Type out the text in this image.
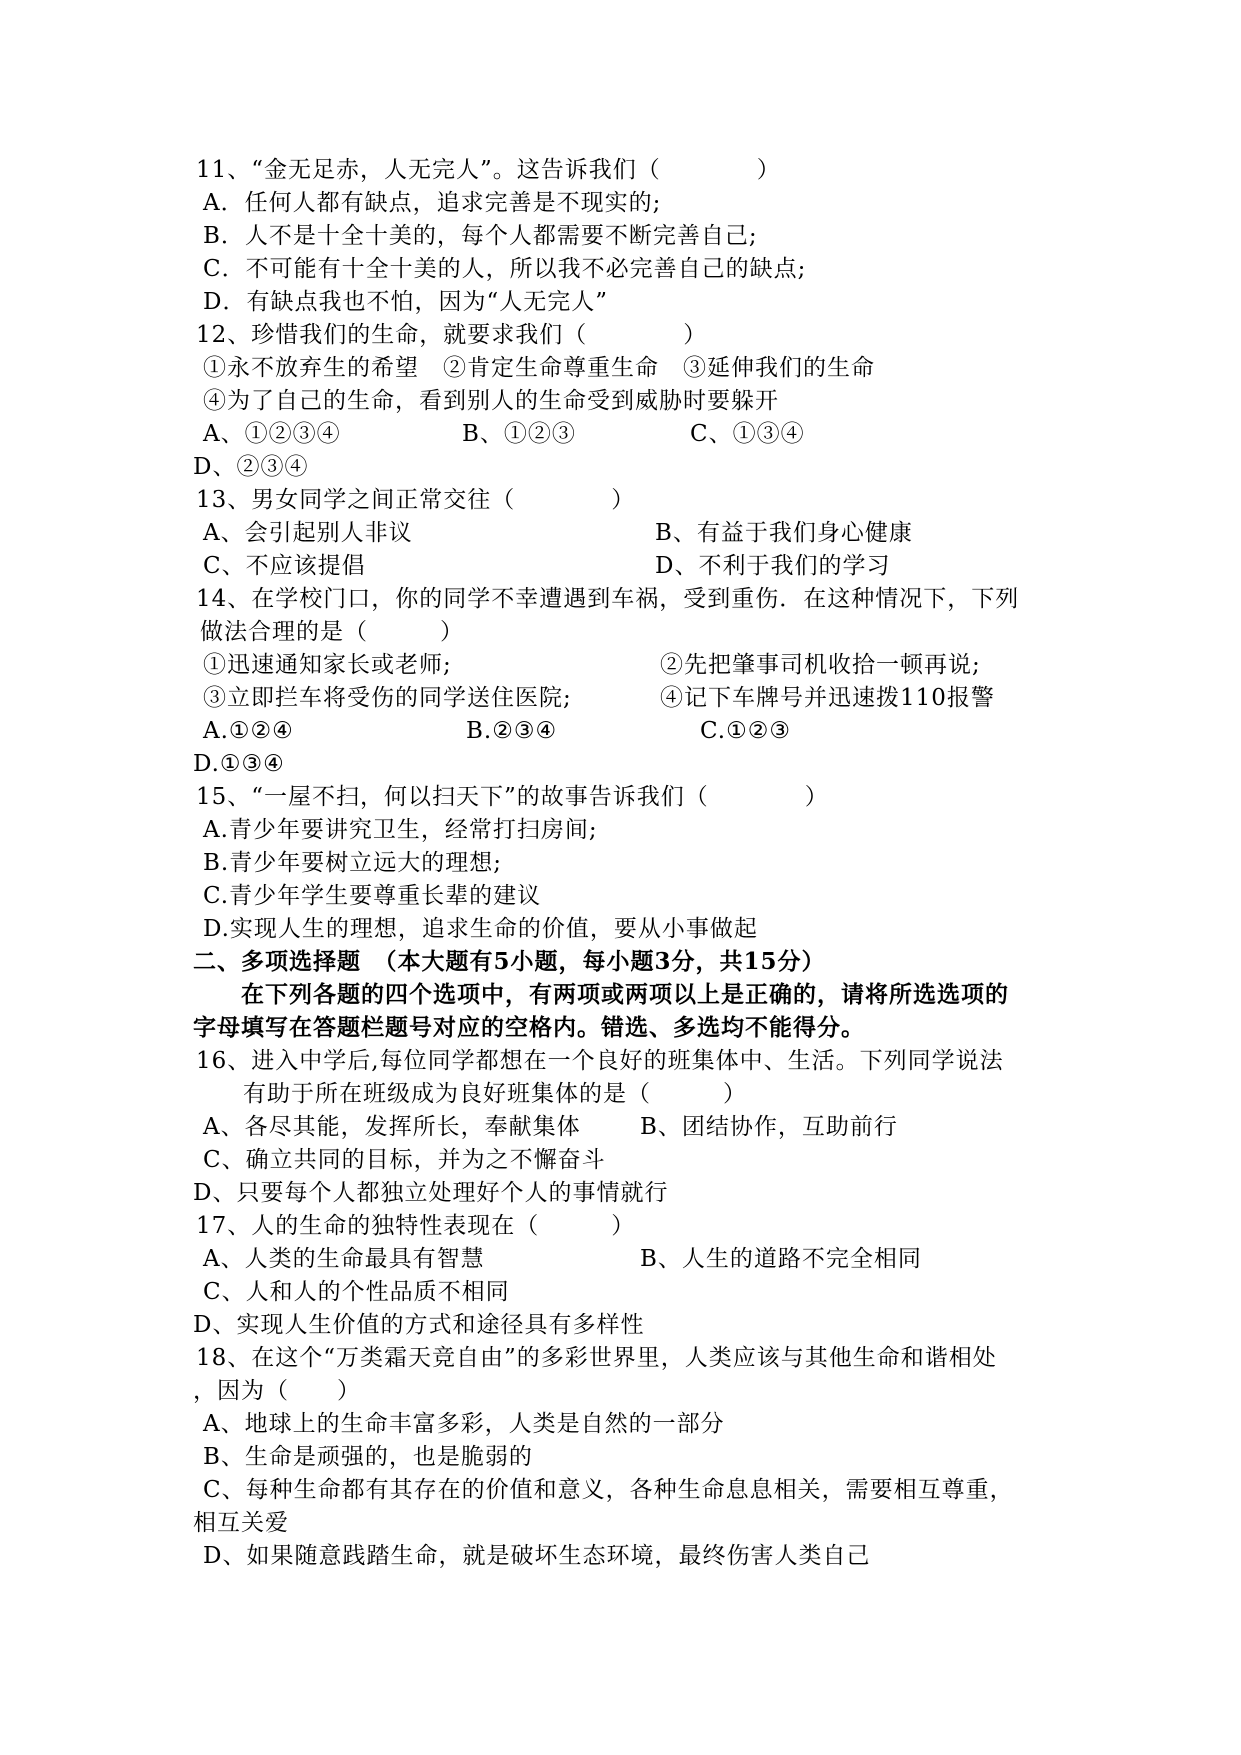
11、“金无足赤，人无完人”。这告诉我们（　　　　）
A．任何人都有缺点，追求完善是不现实的;
B．人不是十全十美的，每个人都需要不断完善自己;
C．不可能有十全十美的人，所以我不必完善自己的缺点;
D．有缺点我也不怕，因为“人无完人”
12、珍惜我们的生命，就要求我们（　　　　）
①永不放弃生的希望　②肯定生命尊重生命　③延伸我们的生命
④为了自己的生命，看到别人的生命受到威胁时要躲开
A、①②③④	B、①②③	C、①③④
D、②③④
13、男女同学之间正常交往（　　　　）
A、会引起别人非议	B、有益于我们身心健康
C、不应该提倡	D、不利于我们的学习
14、在学校门口，你的同学不幸遭遇到车祸，受到重伤．在这种情况下，下列
做法合理的是（　　　）
①迅速通知家长或老师;	②先把肇事司机收拾一顿再说;
③立即拦车将受伤的同学送住医院;	④记下车牌号并迅速拨110报警
A.①②④	B.②③④	C.①②③
D.①③④
15、“一屋不扫，何以扫天下”的故事告诉我们（　　　　）
A.青少年要讲究卫生，经常打扫房间;
B.青少年要树立远大的理想;
C.青少年学生要尊重长辈的建议
D.实现人生的理想，追求生命的价值，要从小事做起
二、多项选择题　（本大题有5小题，每小题3分，共15分）
在下列各题的四个选项中，有两项或两项以上是正确的，请将所选选项的
字母填写在答题栏题号对应的空格内。错选、多选均不能得分。
16、进入中学后,每位同学都想在一个良好的班集体中、生活。下列同学说法
有助于所在班级成为良好班集体的是（　　　）
A、各尽其能，发挥所长，奉献集体	B、团结协作，互助前行
C、确立共同的目标，并为之不懈奋斗
D、只要每个人都独立处理好个人的事情就行
17、人的生命的独特性表现在（　　　）
A、人类的生命最具有智慧	B、人生的道路不完全相同
C、人和人的个性品质不相同
D、实现人生价值的方式和途径具有多样性
18、在这个“万类霜天竞自由”的多彩世界里，人类应该与其他生命和谐相处
，因为（　　）
A、地球上的生命丰富多彩，人类是自然的一部分
B、生命是顽强的，也是脆弱的
C、每种生命都有其存在的价值和意义，各种生命息息相关，需要相互尊重，
相互关爱
D、如果随意践踏生命，就是破坏生态环境，最终伤害人类自己
